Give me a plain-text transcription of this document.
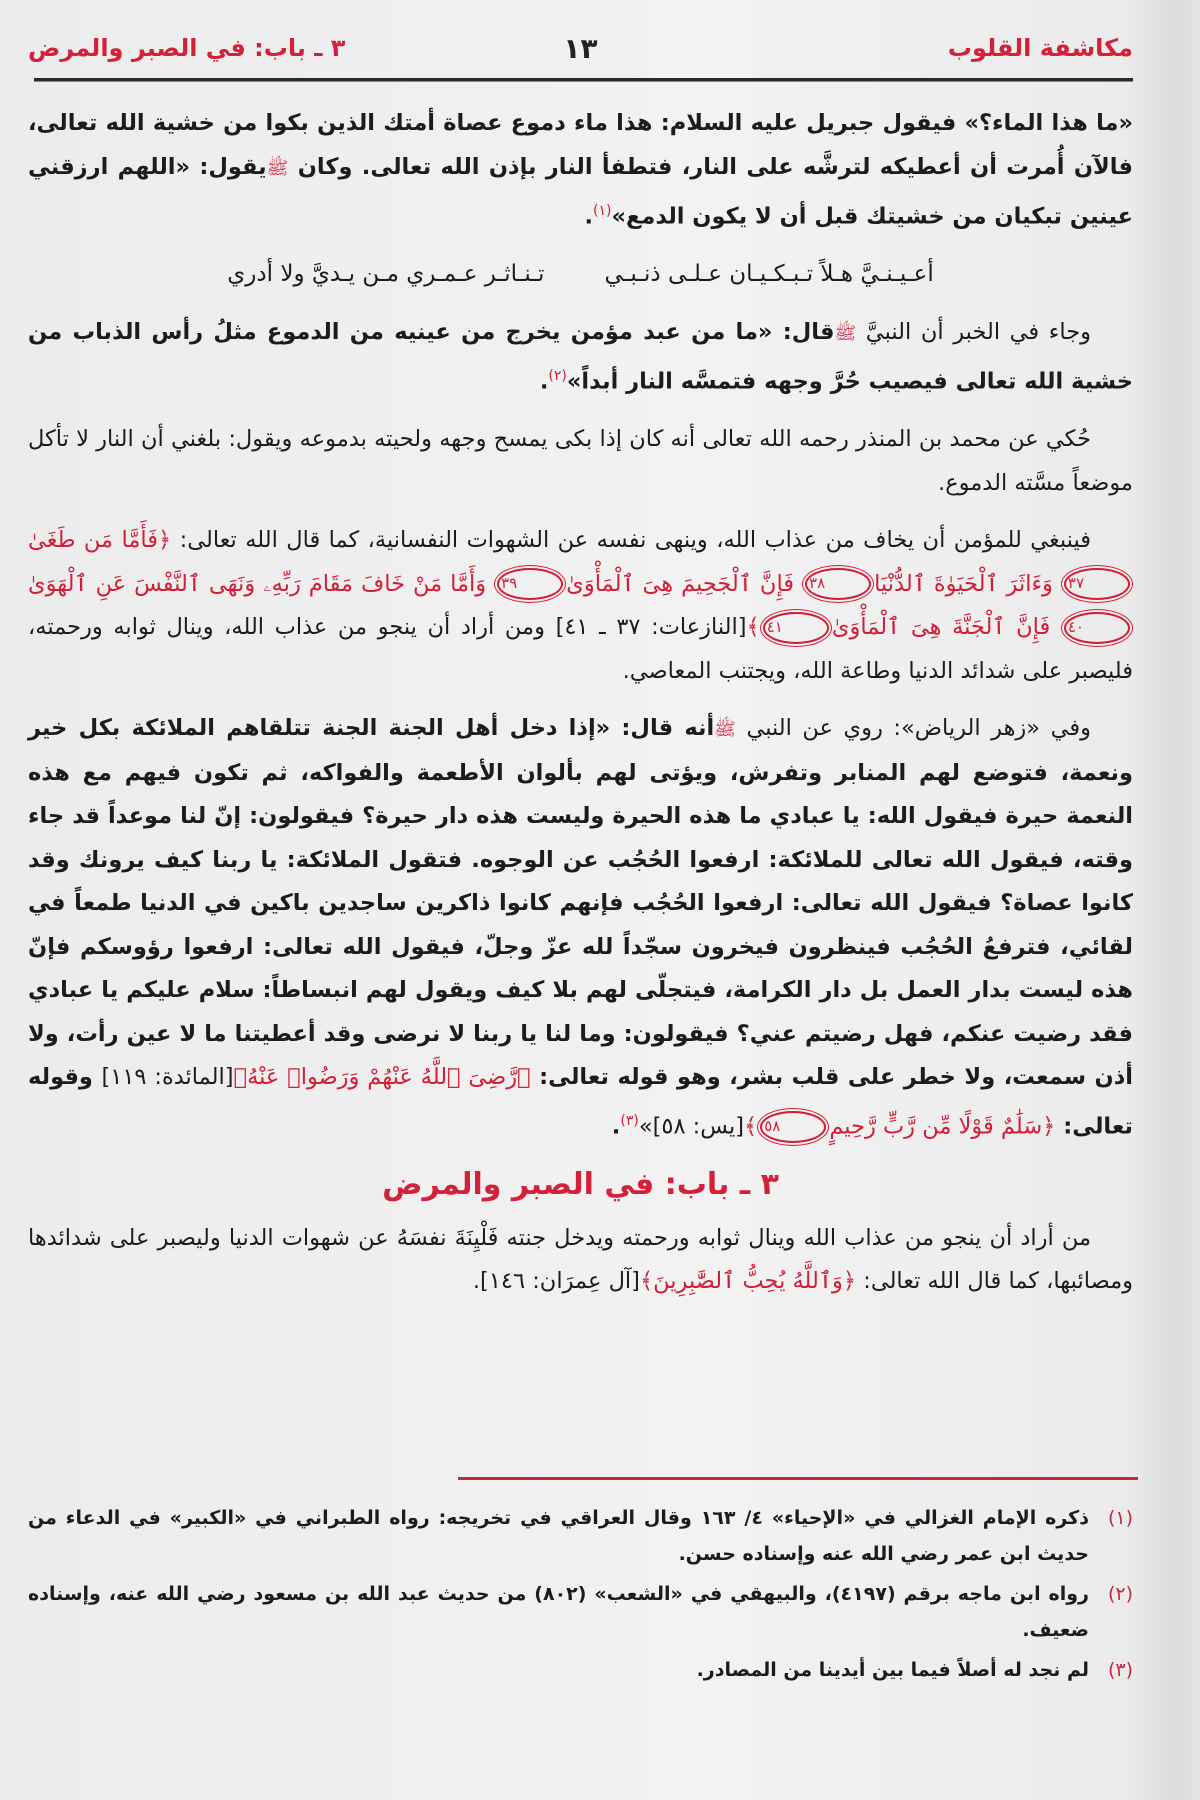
مكاشفة القلوب
١٣
٣ ـ باب: في الصبر والمرض

«ما هذا الماء؟» فيقول جبريل عليه السلام: هذا ماء دموع عصاة أمتك الذين بكوا من خشية الله تعالى، فالآن أُمرت أن أعطيكه لترشَّه على النار، فتطفأ النار بإذن الله تعالى. وكان ﷺيقول: «اللهم ارزقني عينين تبكيان من خشيتك قبل أن لا يكون الدمع»$^{(١)}$.

أعـيـنـيَّ هـلاً تـبـكـيـان عـلـى ذنـبـي
تـنـاثـر عـمـري مـن يـديَّ ولا أدري

وجاء في الخبر أن النبيَّ ﷺقال: «ما من عبد مؤمن يخرج من عينيه من الدموع مثلُ رأس الذباب من خشية الله تعالى فيصيب حُرَّ وجهه فتمسَّه النار أبداً»$^{(٢)}$.

حُكي عن محمد بن المنذر رحمه الله تعالى أنه كان إذا بكى يمسح وجهه ولحيته بدموعه ويقول: بلغني أن النار لا تأكل موضعاً مسَّته الدموع.

فينبغي للمؤمن أن يخاف من عذاب الله، وينهى نفسه عن الشهوات النفسانية، كما قال الله تعالى: ﴿فَأَمَّا مَن طَغَىٰ٣٧ وَءَاثَرَ ٱلْحَيَوٰةَ ٱلدُّنْيَا٣٨ فَإِنَّ ٱلْجَحِيمَ هِىَ ٱلْمَأْوَىٰ٣٩ وَأَمَّا مَنْ خَافَ مَقَامَ رَبِّهِۦ وَنَهَى ٱلنَّفْسَ عَنِ ٱلْهَوَىٰ٤٠ فَإِنَّ ٱلْجَنَّةَ هِىَ ٱلْمَأْوَىٰ٤١﴾[النازعات: ٣٧ ـ ٤١] ومن أراد أن ينجو من عذاب الله، وينال ثوابه ورحمته، فليصبر على شدائد الدنيا وطاعة الله، ويجتنب المعاصي.

وفي «زهر الرياض»: روي عن النبي ﷺأنه قال: «إذا دخل أهل الجنة الجنة تتلقاهم الملائكة بكل خير ونعمة، فتوضع لهم المنابر وتفرش، ويؤتى لهم بألوان الأطعمة والفواكه، ثم تكون فيهم مع هذه النعمة حيرة فيقول الله: يا عبادي ما هذه الحيرة وليست هذه دار حيرة؟ فيقولون: إنّ لنا موعداً قد جاء وقته، فيقول الله تعالى للملائكة: ارفعوا الحُجُب عن الوجوه. فتقول الملائكة: يا ربنا كيف يرونك وقد كانوا عصاة؟ فيقول الله تعالى: ارفعوا الحُجُب فإنهم كانوا ذاكرين ساجدين باكين في الدنيا طمعاً في لقائي، فترفعُ الحُجُب فينظرون فيخرون سجّداً لله عزّ وجلّ، فيقول الله تعالى: ارفعوا رؤوسكم فإنّ هذه ليست بدار العمل بل دار الكرامة، فيتجلّى لهم بلا كيف ويقول لهم انبساطاً: سلام عليكم يا عبادي فقد رضيت عنكم، فهل رضيتم عني؟ فيقولون: وما لنا يا ربنا لا نرضى وقد أعطيتنا ما لا عين رأت، ولا أذن سمعت، ولا خطر على قلب بشر، وهو قوله تعالى: ﴿رَّضِىَ ٱللَّهُ عَنْهُمْ وَرَضُوا۟ عَنْهُ﴾[المائدة: ١١٩] وقوله تعالى: ﴿سَلَٰمٌ قَوْلًا مِّن رَّبٍّ رَّحِيمٍ٥٨﴾[يس: ٥٨]»$^{(٣)}$.

٣ ـ باب: في الصبر والمرض

من أراد أن ينجو من عذاب الله وينال ثوابه ورحمته ويدخل جنته فَلْيِنَةَ نفسَهُ عن شهوات الدنيا وليصبر على شدائدها ومصائبها، كما قال الله تعالى: ﴿وَٱللَّهُ يُحِبُّ ٱلصَّٰبِرِينَ﴾[آل عِمرَان: ١٤٦].

(١)
ذكره الإمام الغزالي في «الإحياء» ٤/ ١٦٣ وقال العراقي في تخريجه: رواه الطبراني في «الكبير» في الدعاء من حديث ابن عمر رضي الله عنه وإسناده حسن.
(٢)
رواه ابن ماجه برقم (٤١٩٧)، والبيهقي في «الشعب» (٨٠٢) من حديث عبد الله بن مسعود رضي الله عنه، وإسناده ضعيف.
(٣)
لم نجد له أصلاً فيما بين أيدينا من المصادر.
